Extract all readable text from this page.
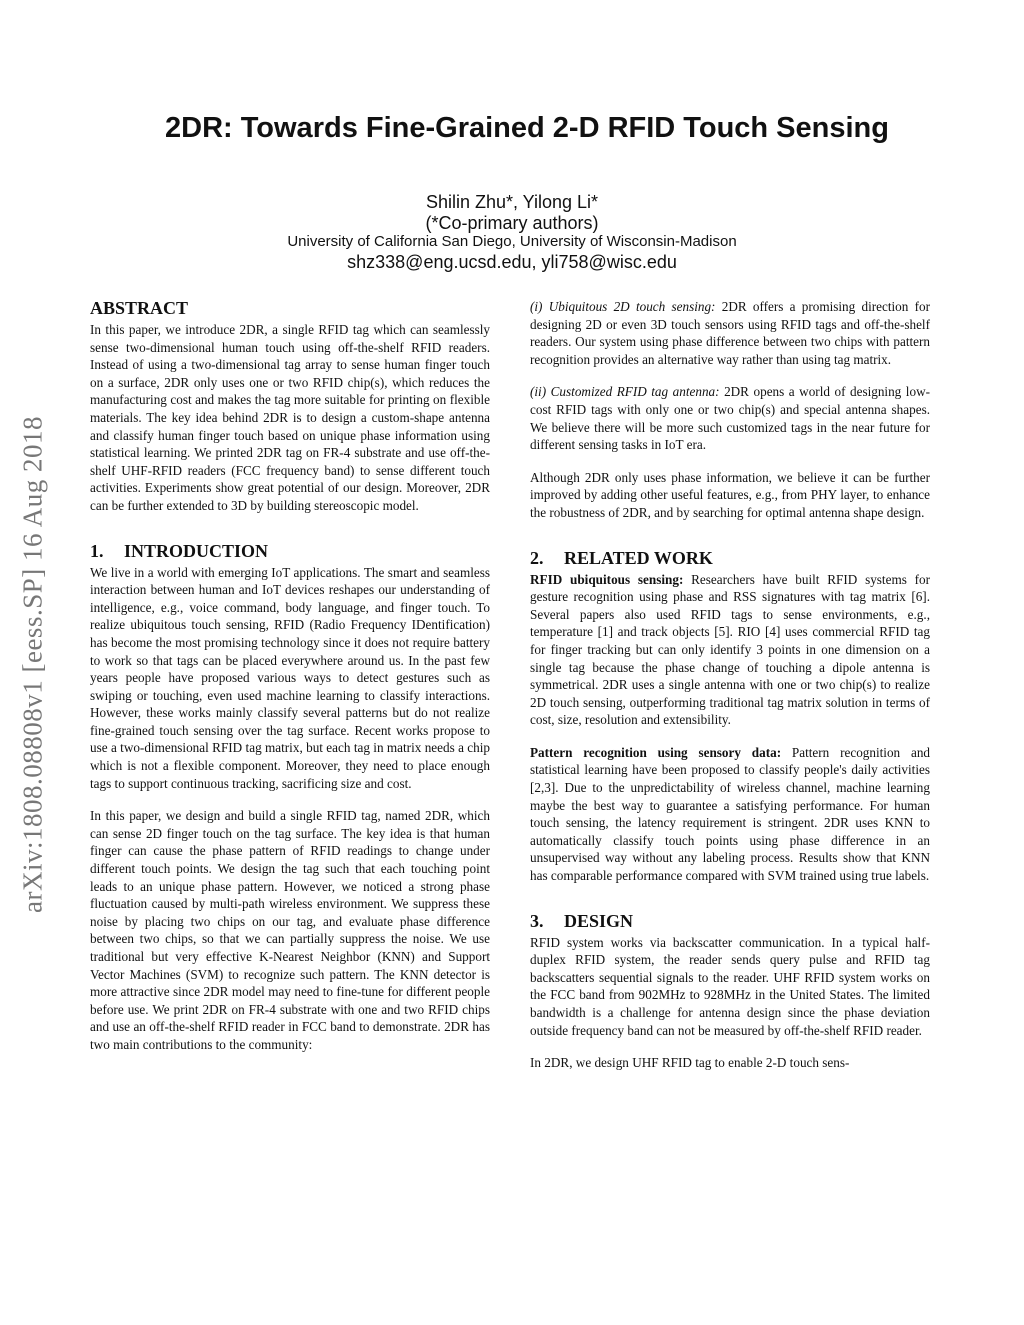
arXiv:1808.08808v1 [eess.SP] 16 Aug 2018
2DR: Towards Fine-Grained 2-D RFID Touch Sensing
Shilin Zhu*, Yilong Li*
(*Co-primary authors)
University of California San Diego, University of Wisconsin-Madison
shz338@eng.ucsd.edu, yli758@wisc.edu
ABSTRACT

In this paper, we introduce 2DR, a single RFID tag which can seamlessly sense two-dimensional human touch using off-the-shelf RFID readers. Instead of using a two-dimensional tag array to sense human finger touch on a surface, 2DR only uses one or two RFID chip(s), which reduces the manufacturing cost and makes the tag more suitable for printing on flexible materials. The key idea behind 2DR is to design a custom-shape antenna and classify human finger touch based on unique phase information using statistical learning. We printed 2DR tag on FR-4 substrate and use off-the-shelf UHF-RFID readers (FCC frequency band) to sense different touch activities. Experiments show great potential of our design. Moreover, 2DR can be further extended to 3D by building stereoscopic model.

1. INTRODUCTION

We live in a world with emerging IoT applications. The smart and seamless interaction between human and IoT devices reshapes our understanding of intelligence, e.g., voice command, body language, and finger touch. To realize ubiquitous touch sensing, RFID (Radio Frequency IDentification) has become the most promising technology since it does not require battery to work so that tags can be placed everywhere around us. In the past few years people have proposed various ways to detect gestures such as swiping or touching, even used machine learning to classify interactions. However, these works mainly classify several patterns but do not realize fine-grained touch sensing over the tag surface. Recent works propose to use a two-dimensional RFID tag matrix, but each tag in matrix needs a chip which is not a flexible component. Moreover, they need to place enough tags to support continuous tracking, sacrificing size and cost.

In this paper, we design and build a single RFID tag, named 2DR, which can sense 2D finger touch on the tag surface. The key idea is that human finger can cause the phase pattern of RFID readings to change under different touch points. We design the tag such that each touching point leads to an unique phase pattern. However, we noticed a strong phase fluctuation caused by multi-path wireless environment. We suppress these noise by placing two chips on our tag, and evaluate phase difference between two chips, so that we can partially suppress the noise. We use traditional but very effective K-Nearest Neighbor (KNN) and Support Vector Machines (SVM) to recognize such pattern. The KNN detector is more attractive since 2DR model may need to fine-tune for different people before use. We print 2DR on FR-4 substrate with one and two RFID chips and use an off-the-shelf RFID reader in FCC band to demonstrate. 2DR has two main contributions to the community:

(i) Ubiquitous 2D touch sensing: 2DR offers a promising direction for designing 2D or even 3D touch sensors using RFID tags and off-the-shelf readers. Our system using phase difference between two chips with pattern recognition provides an alternative way rather than using tag matrix.

(ii) Customized RFID tag antenna: 2DR opens a world of designing low-cost RFID tags with only one or two chip(s) and special antenna shapes. We believe there will be more such customized tags in the near future for different sensing tasks in IoT era.

Although 2DR only uses phase information, we believe it can be further improved by adding other useful features, e.g., from PHY layer, to enhance the robustness of 2DR, and by searching for optimal antenna shape design.

2. RELATED WORK

RFID ubiquitous sensing: Researchers have built RFID systems for gesture recognition using phase and RSS signatures with tag matrix [6]. Several papers also used RFID tags to sense environments, e.g., temperature [1] and track objects [5]. RIO [4] uses commercial RFID tag for finger tracking but can only identify 3 points in one dimension on a single tag because the phase change of touching a dipole antenna is symmetrical. 2DR uses a single antenna with one or two chip(s) to realize 2D touch sensing, outperforming traditional tag matrix solution in terms of cost, size, resolution and extensibility.

Pattern recognition using sensory data: Pattern recognition and statistical learning have been proposed to classify people's daily activities [2,3]. Due to the unpredictability of wireless channel, machine learning maybe the best way to guarantee a satisfying performance. For human touch sensing, the latency requirement is stringent. 2DR uses KNN to automatically classify touch points using phase difference in an unsupervised way without any labeling process. Results show that KNN has comparable performance compared with SVM trained using true labels.

3. DESIGN

RFID system works via backscatter communication. In a typical half-duplex RFID system, the reader sends query pulse and RFID tag backscatters sequential signals to the reader. UHF RFID system works on the FCC band from 902MHz to 928MHz in the United States. The limited bandwidth is a challenge for antenna design since the phase deviation outside frequency band can not be measured by off-the-shelf RFID reader.

In 2DR, we design UHF RFID tag to enable 2-D touch sens-
